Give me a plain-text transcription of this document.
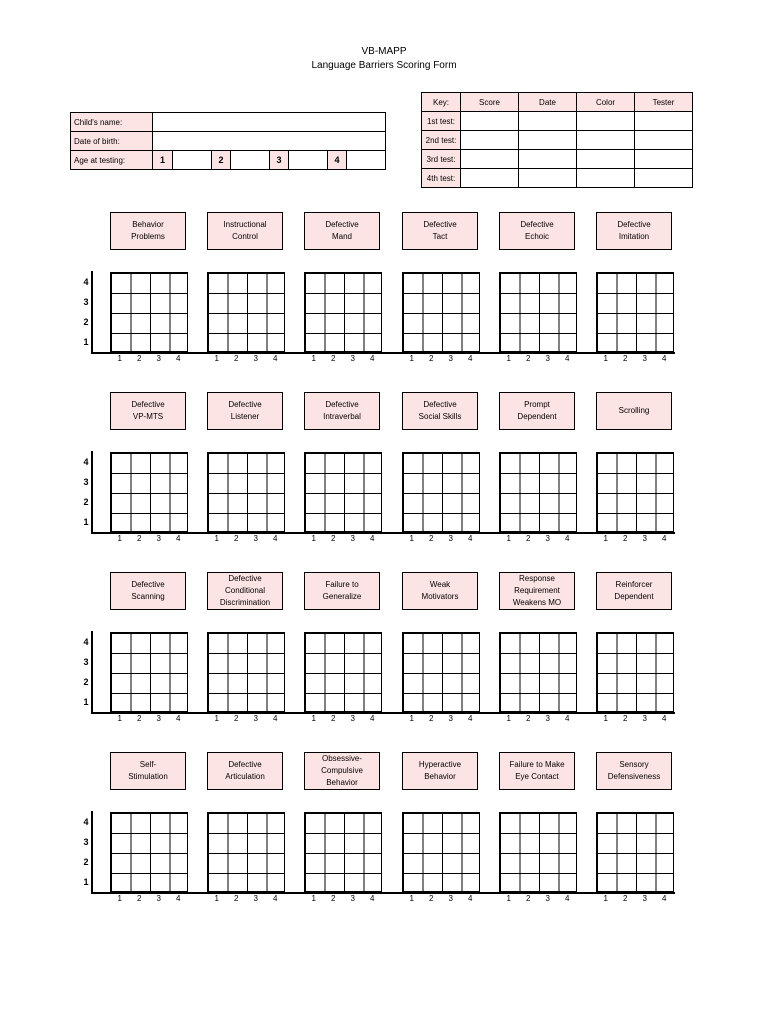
VB-MAPP
Language Barriers Scoring Form
Child's name:	
Date of birth:	
Age at testing:	1 2 3 4
Key:	Score	Date	Color	Tester
1st test:				
2nd test:				
3rd test:				
4th test:				
Behavior
Problems
1	2	3	4
Instructional
Control
1	2	3	4
Defective
Mand
1	2	3	4
Defective
Tact
1	2	3	4
Defective
Echoic
1	2	3	4
Defective
Imitation
1	2	3	4
4
3
2
1
Defective
VP-MTS
1	2	3	4
Defective
Listener
1	2	3	4
Defective
Intraverbal
1	2	3	4
Defective
Social Skills
1	2	3	4
Prompt
Dependent
1	2	3	4
Scrolling
1	2	3	4
4
3
2
1
Defective
Scanning
1	2	3	4
Defective
Conditional
Discrimination
1	2	3	4
Failure to
Generalize
1	2	3	4
Weak
Motivators
1	2	3	4
Response
Requirement
Weakens MO
1	2	3	4
Reinforcer
Dependent
1	2	3	4
4
3
2
1
Self-
Stimulation
1	2	3	4
Defective
Articulation
1	2	3	4
Obsessive-
Compulsive
Behavior
1	2	3	4
Hyperactive
Behavior
1	2	3	4
Failure to Make
Eye Contact
1	2	3	4
Sensory
Defensiveness
1	2	3	4
4
3
2
1
